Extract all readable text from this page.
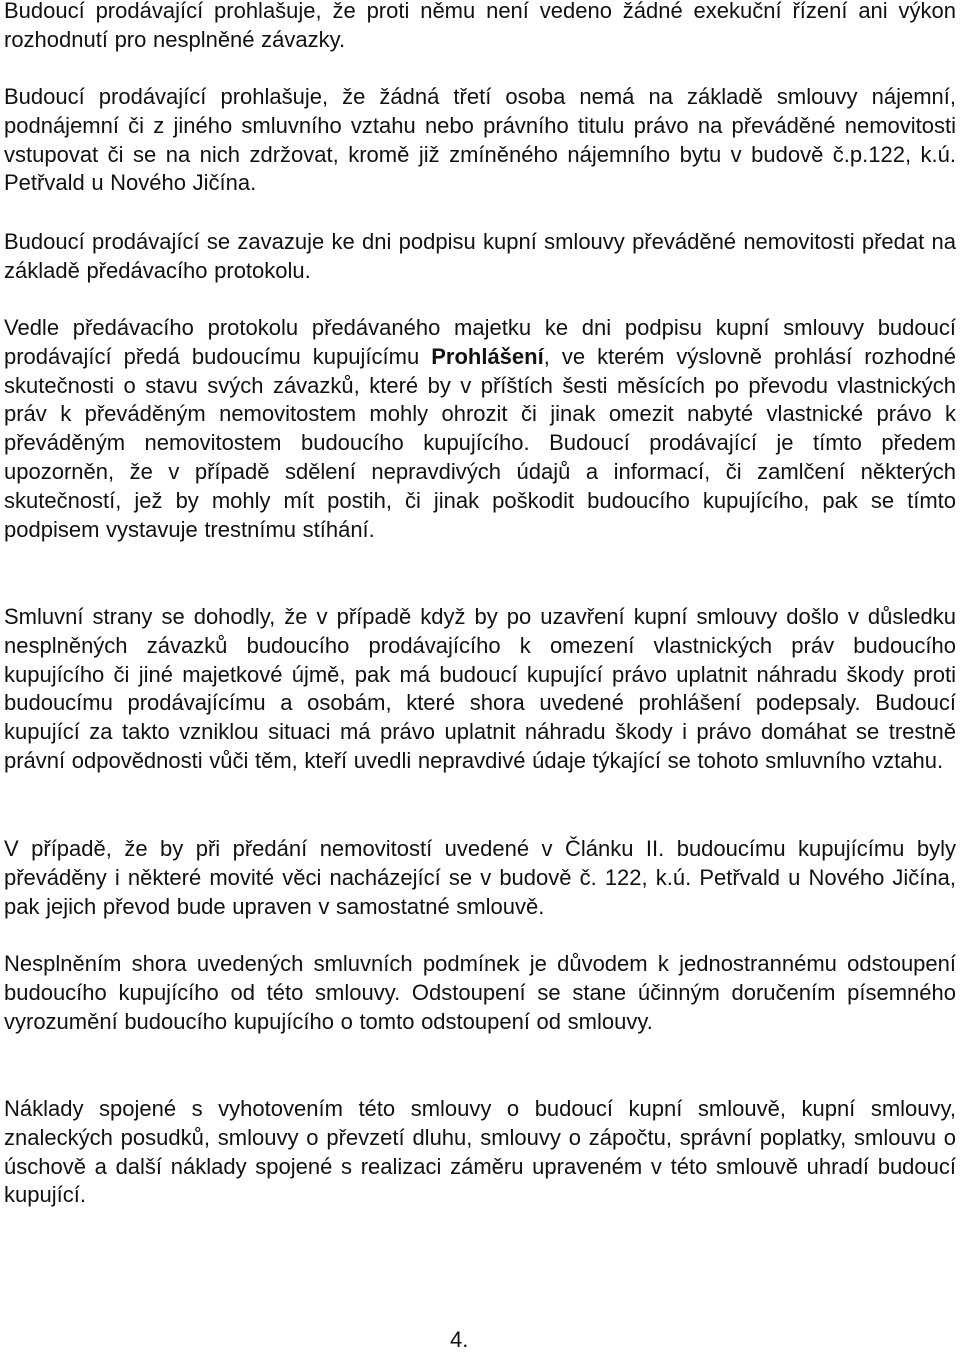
Budoucí prodávající prohlašuje, že proti němu není vedeno žádné exekuční řízení ani výkon rozhodnutí pro nesplněné závazky.

Budoucí prodávající prohlašuje, že žádná třetí osoba nemá na základě smlouvy nájemní, podnájemní či z jiného smluvního vztahu nebo právního titulu právo na převáděné nemovitosti vstupovat či se na nich zdržovat, kromě již zmíněného nájemního bytu v budově č.p.122, k.ú. Petřvald u Nového Jičína.

Budoucí prodávající se zavazuje ke dni podpisu kupní smlouvy převáděné nemovitosti předat na základě předávacího protokolu.

Vedle předávacího protokolu předávaného majetku ke dni podpisu kupní smlouvy budoucí prodávající předá budoucímu kupujícímu Prohlášení, ve kterém výslovně prohlásí rozhodné skutečnosti o stavu svých závazků, které by v příštích šesti měsících po převodu vlastnických práv k převáděným nemovitostem mohly ohrozit či jinak omezit nabyté vlastnické právo k převáděným nemovitostem budoucího kupujícího. Budoucí prodávající je tímto předem upozorněn, že v případě sdělení nepravdivých údajů a informací, či zamlčení některých skutečností, jež by mohly mít postih, či jinak poškodit budoucího kupujícího, pak se tímto podpisem vystavuje trestnímu stíhání.

Smluvní strany se dohodly, že v případě když by po uzavření kupní smlouvy došlo v důsledku nesplněných závazků budoucího prodávajícího k omezení vlastnických práv budoucího kupujícího či jiné majetkové újmě, pak má budoucí kupující právo uplatnit náhradu škody proti budoucímu prodávajícímu a osobám, které shora uvedené prohlášení podepsaly. Budoucí kupující za takto vzniklou situaci má právo uplatnit náhradu škody i právo domáhat se trestně právní odpovědnosti vůči těm, kteří uvedli nepravdivé údaje týkající se tohoto smluvního vztahu.

V případě, že by při předání nemovitostí uvedené v Článku II. budoucímu kupujícímu byly převáděny i některé movité věci nacházející se v budově č. 122, k.ú. Petřvald u Nového Jičína, pak jejich převod bude upraven v samostatné smlouvě.

Nesplněním shora uvedených smluvních podmínek je důvodem k jednostrannému odstoupení budoucího kupujícího od této smlouvy. Odstoupení se stane účinným doručením písemného vyrozumění budoucího kupujícího o tomto odstoupení od smlouvy.

Náklady spojené s vyhotovením této smlouvy o budoucí kupní smlouvě, kupní smlouvy, znaleckých posudků, smlouvy o převzetí dluhu, smlouvy o zápočtu, správní poplatky, smlouvu o úschově a další náklady spojené s realizaci záměru upraveném v této smlouvě uhradí budoucí kupující.

4.
